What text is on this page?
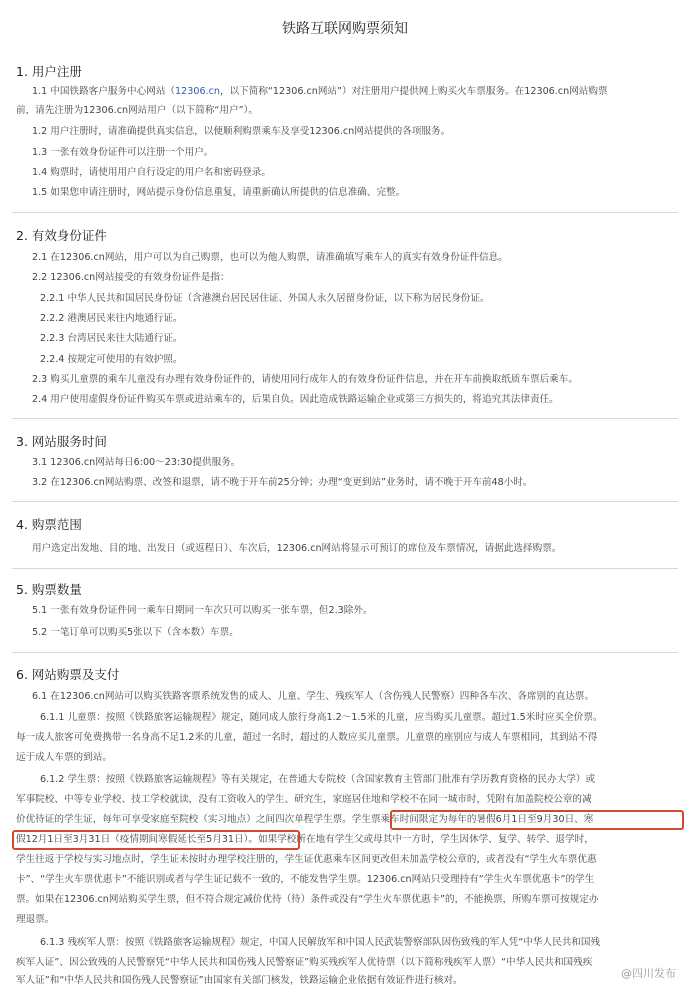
铁路互联网购票须知
1. 用户注册
1.1 中国铁路客户服务中心网站（12306.cn，以下简称“12306.cn网站”）对注册用户提供网上购买火车票服务。在12306.cn网站购票
前，请先注册为12306.cn网站用户（以下简称“用户”）。
1.2 用户注册时，请准确提供真实信息，以便顺利购票乘车及享受12306.cn网站提供的各项服务。
1.3 一张有效身份证件可以注册一个用户。
1.4 购票时，请使用用户自行设定的用户名和密码登录。
1.5 如果您申请注册时，网站提示身份信息重复，请重新确认所提供的信息准确、完整。
2. 有效身份证件
2.1 在12306.cn网站，用户可以为自己购票，也可以为他人购票，请准确填写乘车人的真实有效身份证件信息。
2.2 12306.cn网站接受的有效身份证件是指：
2.2.1 中华人民共和国居民身份证（含港澳台居民居住证、外国人永久居留身份证，以下称为居民身份证。
2.2.2 港澳居民来往内地通行证。
2.2.3 台湾居民来往大陆通行证。
2.2.4 按规定可使用的有效护照。
2.3 购买儿童票的乘车儿童没有办理有效身份证件的，请使用同行成年人的有效身份证件信息，并在开车前换取纸质车票后乘车。
2.4 用户使用虚假身份证件购买车票或进站乘车的，后果自负。因此造成铁路运输企业或第三方损失的，将追究其法律责任。
3. 网站服务时间
3.1 12306.cn网站每日6:00～23:30提供服务。
3.2 在12306.cn网站购票、改签和退票，请不晚于开车前25分钟；办理“变更到站”业务时，请不晚于开车前48小时。
4. 购票范围
用户选定出发地、目的地、出发日（或返程日）、车次后，12306.cn网站将显示可预订的席位及车票情况，请据此选择购票。
5. 购票数量
5.1 一张有效身份证件同一乘车日期同一车次只可以购买一张车票，但2.3除外。
5.2 一笔订单可以购买5张以下（含本数）车票。
6. 网站购票及支付
6.1 在12306.cn网站可以购买铁路客票系统发售的成人、儿童、学生、残疾军人（含伤残人民警察）四种各车次、各席别的直达票。
6.1.1 儿童票：按照《铁路旅客运输规程》规定，随同成人旅行身高1.2～1.5米的儿童，应当购买儿童票。超过1.5米时应买全价票。
每一成人旅客可免费携带一名身高不足1.2米的儿童，超过一名时，超过的人数应买儿童票。儿童票的座别应与成人车票相同，其到站不得
远于成人车票的到站。
6.1.2 学生票：按照《铁路旅客运输规程》等有关规定，在普通大专院校（含国家教育主管部门批准有学历教育资格的民办大学）或
军事院校、中等专业学校、技工学校就读，没有工资收入的学生、研究生，家庭居住地和学校不在同一城市时，凭附有加盖院校公章的减
价优待证的学生证，每年可享受家庭至院校（实习地点）之间四次单程学生票。学生票乘车时间限定为每年的暑假6月1日至9月30日、寒
假12月1日至3月31日（疫情期间寒假延长至5月31日）。如果学校所在地有学生父或母其中一方时，学生因休学、复学、转学、退学时，
学生往返于学校与实习地点时，学生证未按时办理学校注册的，学生证优惠乘车区间更改但未加盖学校公章的，或者没有“学生火车票优惠
卡”、“学生火车票优惠卡”不能识别或者与学生证记载不一致的，不能发售学生票。12306.cn网站只受理持有“学生火车票优惠卡”的学生
票。如果在12306.cn网站购买学生票，但不符合规定减价优待（待）条件或没有“学生火车票优惠卡”的，不能换票，所购车票可按规定办
理退票。
6.1.3 残疾军人票：按照《铁路旅客运输规程》规定，中国人民解放军和中国人民武装警察部队因伤致残的军人凭“中华人民共和国残
疾军人证”、因公致残的人民警察凭“中华人民共和国伤残人民警察证”购买残疾军人优待票（以下简称残疾军人票）“中华人民共和国残疾
军人证”和“中华人民共和国伤残人民警察证”由国家有关部门核发，铁路运输企业依据有效证件进行核对。
@四川发布
